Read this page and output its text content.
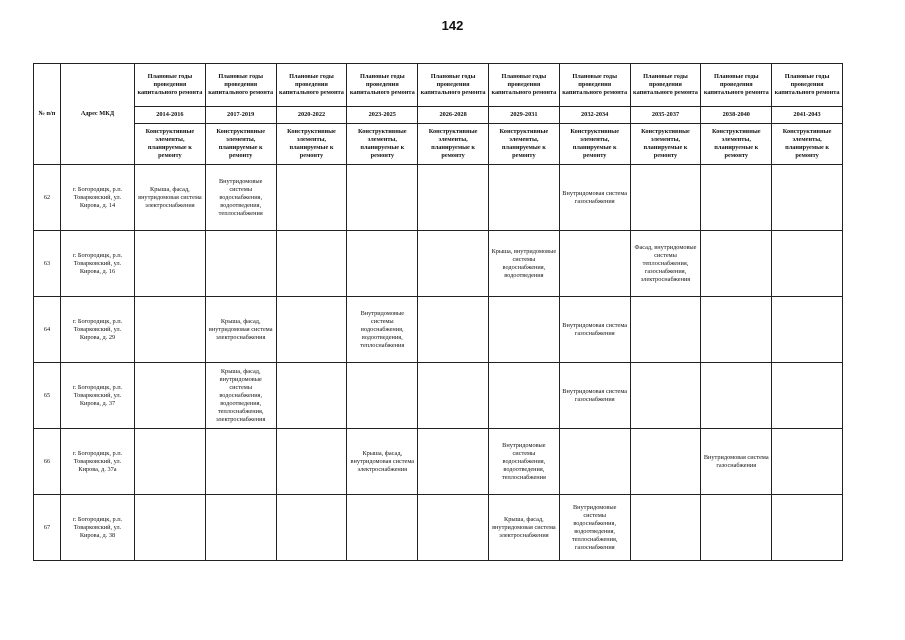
142
№ п/п	Адрес МКД	Плановые годы проведения капитального ремонта	Плановые годы проведения капитального ремонта	Плановые годы проведения капитального ремонта	Плановые годы проведения капитального ремонта	Плановые годы проведения капитального ремонта	Плановые годы проведения капитального ремонта	Плановые годы проведения капитального ремонта	Плановые годы проведения капитального ремонта	Плановые годы проведения капитального ремонта	Плановые годы проведения капитального ремонта
		2014-2016	2017-2019	2020-2022	2023-2025	2026-2028	2029-2031	2032-2034	2035-2037	2038-2040	2041-2043
		Конструктивные элементы, планируемые к ремонту	Конструктивные элементы, планируемые к ремонту	Конструктивные элементы, планируемые к ремонту	Конструктивные элементы, планируемые к ремонту	Конструктивные элементы, планируемые к ремонту	Конструктивные элементы, планируемые к ремонту	Конструктивные элементы, планируемые к ремонту	Конструктивные элементы, планируемые к ремонту	Конструктивные элементы, планируемые к ремонту	Конструктивные элементы, планируемые к ремонту
62	г. Богородицк, р.п. Товарковский, ул. Кирова, д. 14	Крыша, фасад, внутридомовая система электроснабжения	Внутридомовые системы водоснабжения, водоотведения, теплоснабжения					Внутридомовая система газоснабжения			
63	г. Богородицк, р.п. Товарковский, ул. Кирова, д. 16						Крыша, внутридомовые системы водоснабжения, водоотведения		Фасад, внутридомовые системы теплоснабжения, газоснабжения, электроснабжения		
64	г. Богородицк, р.п. Товарковский, ул. Кирова, д. 29		Крыша, фасад, внутридомовая система электроснабжения		Внутридомовые системы водоснабжения, водоотведения, теплоснабжения			Внутридомовая система газоснабжения			
65	г. Богородицк, р.п. Товарковский, ул. Кирова, д. 37		Крыша, фасад, внутридомовые системы водоснабжения, водоотведения, теплоснабжения, электроснабжения					Внутридомовая система газоснабжения			
66	г. Богородицк, р.п. Товарковский, ул. Кирова, д. 37а				Крыша, фасад, внутридомовая система электроснабжения		Внутридомовые системы водоснабжения, водоотведения, теплоснабжения			Внутридомовая система газоснабжения	
67	г. Богородицк, р.п. Товарковский, ул. Кирова, д. 38						Крыша, фасад, внутридомовая система электроснабжения	Внутридомовые системы водоснабжения, водоотведения, теплоснабжения, газоснабжения			
